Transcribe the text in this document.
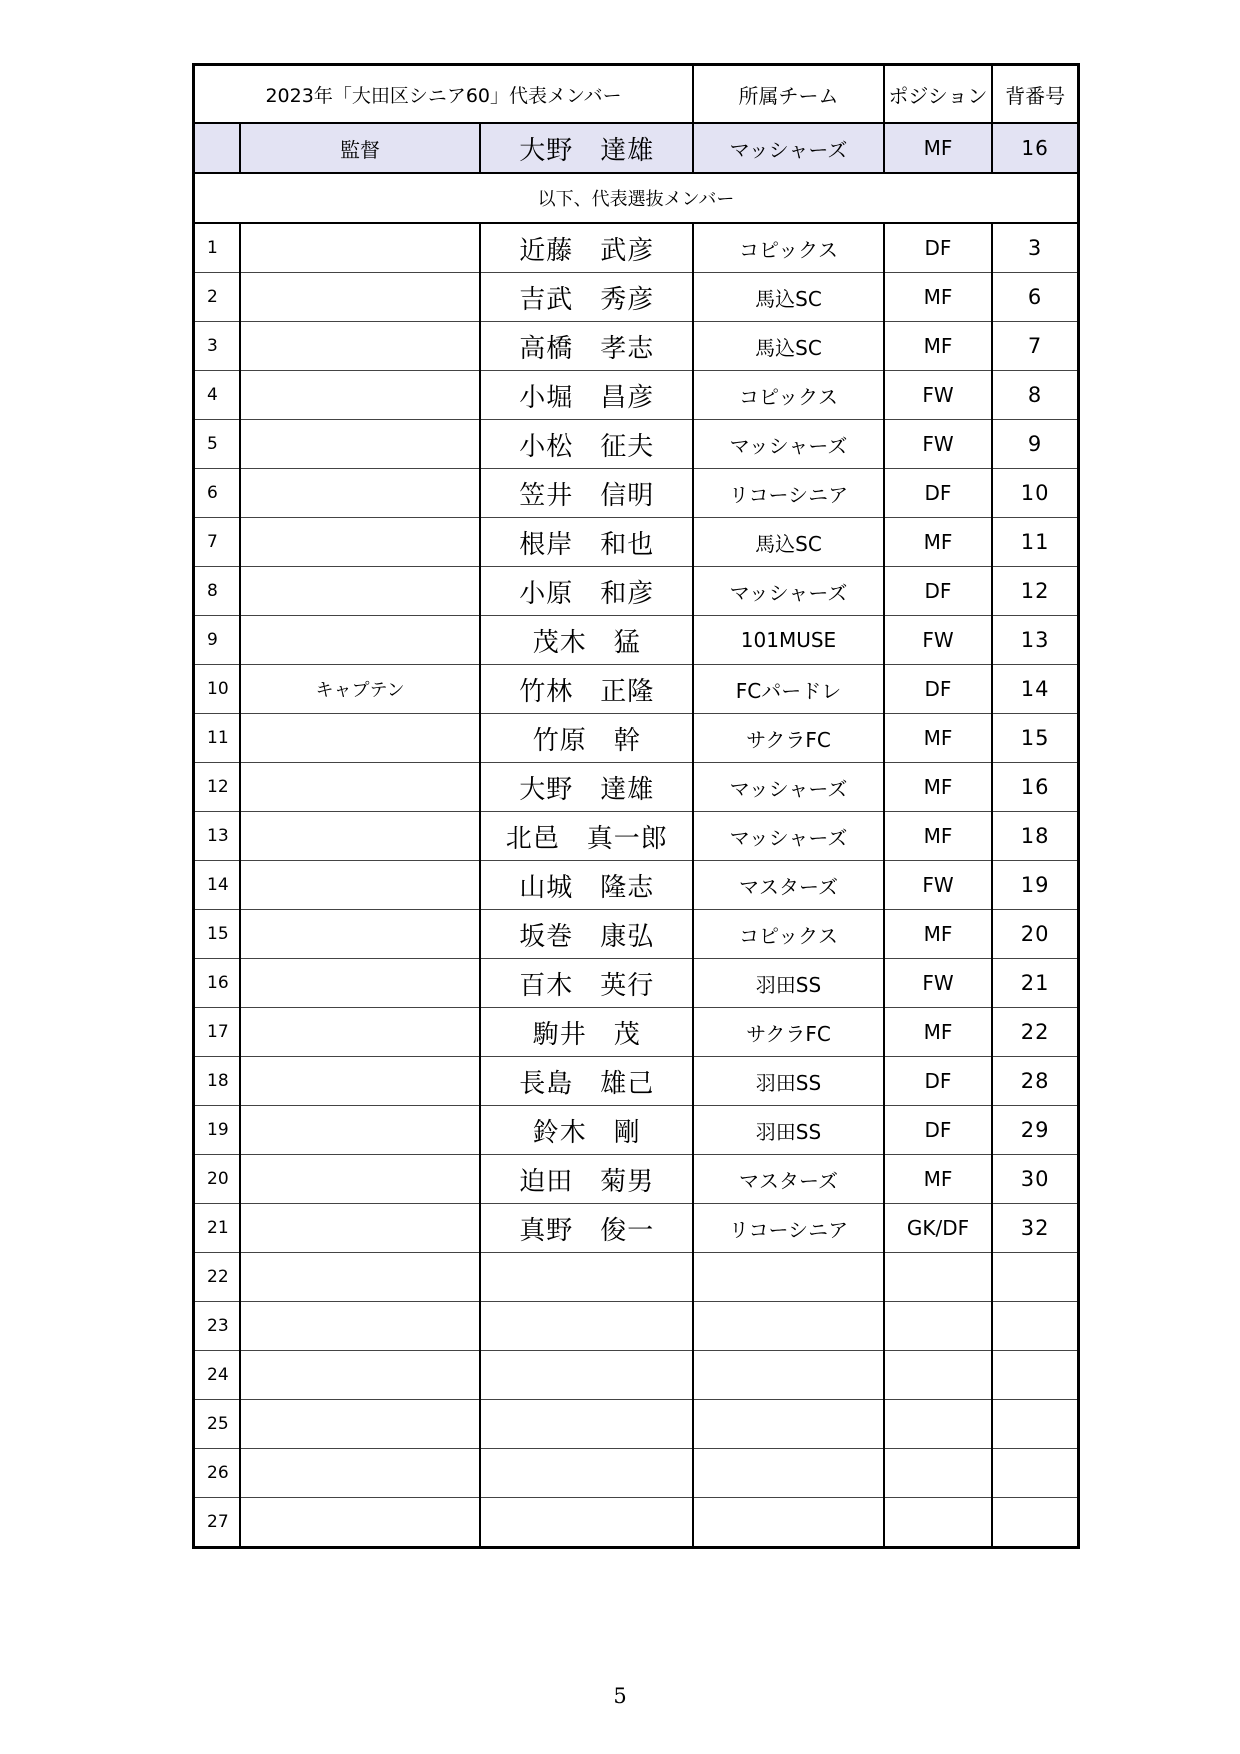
2023年「大田区シニア60」代表メンバー			所属チーム	ポジション	背番号
	監督	大野　達雄	マッシャーズ	MF	16
以下、代表選抜メンバー					
1		近藤　武彦	コピックス	DF	3
2		吉武　秀彦	馬込SC	MF	6
3		高橋　孝志	馬込SC	MF	7
4		小堀　昌彦	コピックス	FW	8
5		小松　征夫	マッシャーズ	FW	9
6		笠井　信明	リコーシニア	DF	10
7		根岸　和也	馬込SC	MF	11
8		小原　和彦	マッシャーズ	DF	12
9		茂木　猛	101MUSE	FW	13
10	キャプテン	竹林　正隆	FCパードレ	DF	14
11		竹原　幹	サクラFC	MF	15
12		大野　達雄	マッシャーズ	MF	16
13		北邑　真一郎	マッシャーズ	MF	18
14		山城　隆志	マスターズ	FW	19
15		坂巻　康弘	コピックス	MF	20
16		百木　英行	羽田SS	FW	21
17		駒井　茂	サクラFC	MF	22
18		長島　雄己	羽田SS	DF	28
19		鈴木　剛	羽田SS	DF	29
20		迫田　菊男	マスターズ	MF	30
21		真野　俊一	リコーシニア	GK/DF	32
22					
23					
24					
25					
26					
27					
5
